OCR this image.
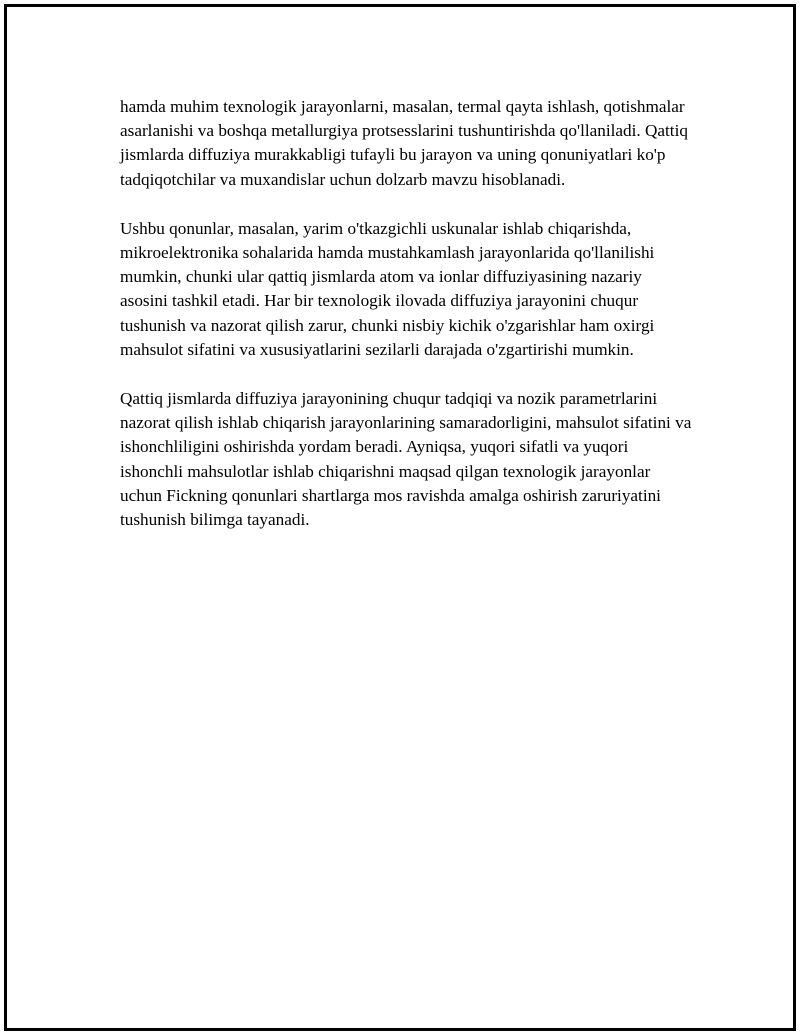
hamda muhim texnologik jarayonlarni, masalan, termal qayta ishlash, qotishmalar asarlanishi va boshqa metallurgiya protsesslarini tushuntirishda qo'llaniladi. Qattiq jismlarda diffuziya murakkabligi tufayli bu jarayon va uning qonuniyatlari ko'p tadqiqotchilar va muxandislar uchun dolzarb mavzu hisoblanadi.

Ushbu qonunlar, masalan, yarim o'tkazgichli uskunalar ishlab chiqarishda, mikroelektronika sohalarida hamda mustahkamlash jarayonlarida qo'llanilishi mumkin, chunki ular qattiq jismlarda atom va ionlar diffuziyasining nazariy asosini tashkil etadi. Har bir texnologik ilovada diffuziya jarayonini chuqur tushunish va nazorat qilish zarur, chunki nisbiy kichik o'zgarishlar ham oxirgi mahsulot sifatini va xususiyatlarini sezilarli darajada o'zgartirishi mumkin.

Qattiq jismlarda diffuziya jarayonining chuqur tadqiqi va nozik parametrlarini nazorat qilish ishlab chiqarish jarayonlarining samaradorligini, mahsulot sifatini va ishonchliligini oshirishda yordam beradi. Ayniqsa, yuqori sifatli va yuqori ishonchli mahsulotlar ishlab chiqarishni maqsad qilgan texnologik jarayonlar uchun Fickning qonunlari shartlarga mos ravishda amalga oshirish zaruriyatini tushunish bilimga tayanadi.
